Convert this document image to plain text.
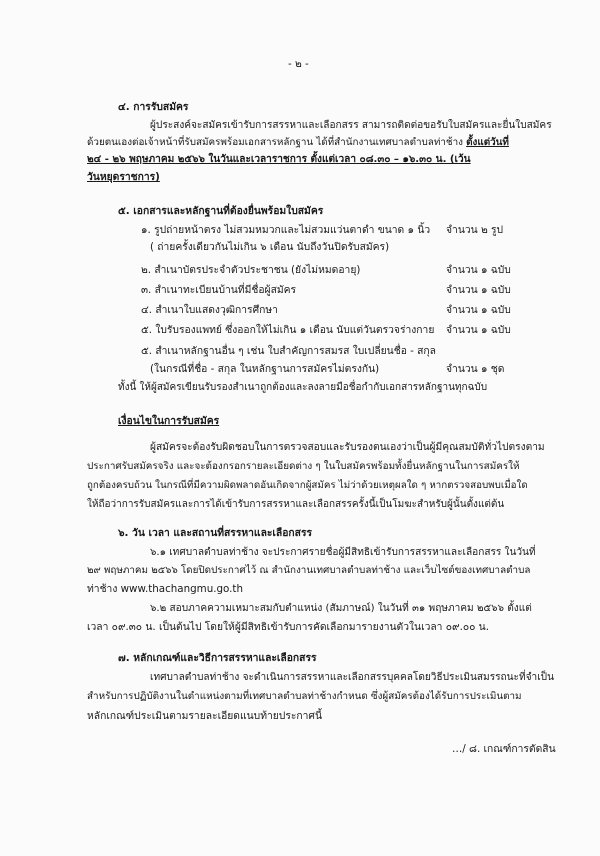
- ๒ -
๔. การรับสมัคร
ผู้ประสงค์จะสมัครเข้ารับการสรรหาและเลือกสรร สามารถติดต่อขอรับใบสมัครและยื่นใบสมัคร
ด้วยตนเองต่อเจ้าหน้าที่รับสมัครพร้อมเอกสารหลักฐาน ได้ที่สำนักงานเทศบาลตำบลท่าช้าง ตั้งแต่วันที่
๒๔ - ๒๖ พฤษภาคม ๒๕๖๖ ในวันและเวลาราชการ ตั้งแต่เวลา ๐๘.๓๐ – ๑๖.๓๐ น. (เว้น
วันหยุดราชการ)
๕. เอกสารและหลักฐานที่ต้องยื่นพร้อมใบสมัคร
๑. รูปถ่ายหน้าตรง ไม่สวมหมวกและไม่สวมแว่นตาดำ ขนาด ๑ นิ้ว จำนวน ๒ รูป
( ถ่ายครั้งเดียวกันไม่เกิน ๖ เดือน นับถึงวันปิดรับสมัคร)
๒. สำเนาบัตรประจำตัวประชาชน (ยังไม่หมดอายุ)	จำนวน ๑ ฉบับ
๓. สำเนาทะเบียนบ้านที่มีชื่อผู้สมัคร	จำนวน ๑ ฉบับ
๔. สำเนาใบแสดงวุฒิการศึกษา	จำนวน ๑ ฉบับ
๕. ใบรับรองแพทย์ ซึ่งออกให้ไม่เกิน ๑ เดือน นับแต่วันตรวจร่างกาย จำนวน ๑ ฉบับ
๕. สำเนาหลักฐานอื่น ๆ เช่น ใบสำคัญการสมรส ใบเปลี่ยนชื่อ - สกุล
(ในกรณีที่ชื่อ - สกุล ในหลักฐานการสมัครไม่ตรงกัน)	จำนวน ๑ ชุด
ทั้งนี้ ให้ผู้สมัครเขียนรับรองสำเนาถูกต้องและลงลายมือชื่อกำกับเอกสารหลักฐานทุกฉบับ
เงื่อนไขในการรับสมัคร
ผู้สมัครจะต้องรับผิดชอบในการตรวจสอบและรับรองตนเองว่าเป็นผู้มีคุณสมบัติทั่วไปตรงตาม
ประกาศรับสมัครจริง และจะต้องกรอกรายละเอียดต่าง ๆ ในใบสมัครพร้อมทั้งยื่นหลักฐานในการสมัครให้
ถูกต้องครบถ้วน ในกรณีที่มีความผิดพลาดอันเกิดจากผู้สมัคร ไม่ว่าด้วยเหตุผลใด ๆ หากตรวจสอบพบเมื่อใด
ให้ถือว่าการรับสมัครและการได้เข้ารับการสรรหาและเลือกสรรครั้งนี้เป็นโมฆะสำหรับผู้นั้นตั้งแต่ต้น
๖. วัน เวลา และสถานที่สรรหาและเลือกสรร
๖.๑ เทศบาลตำบลท่าช้าง จะประกาศรายชื่อผู้มีสิทธิเข้ารับการสรรหาและเลือกสรร ในวันที่
๒๙ พฤษภาคม ๒๕๖๖ โดยปิดประกาศไว้ ณ สำนักงานเทศบาลตำบลท่าช้าง และเว็บไซต์ของเทศบาลตำบล
ท่าช้าง www.thachangmu.go.th
๖.๒ สอบภาคความเหมาะสมกับตำแหน่ง (สัมภาษณ์) ในวันที่ ๓๑ พฤษภาคม ๒๕๖๖ ตั้งแต่
เวลา ๐๙.๓๐ น. เป็นต้นไป โดยให้ผู้มีสิทธิเข้ารับการคัดเลือกมารายงานตัวในเวลา ๐๙.๐๐ น.
๗. หลักเกณฑ์และวิธีการสรรหาและเลือกสรร
เทศบาลตำบลท่าช้าง จะดำเนินการสรรหาและเลือกสรรบุคคลโดยวิธีประเมินสมรรถนะที่จำเป็น
สำหรับการปฏิบัติงานในตำแหน่งตามที่เทศบาลตำบลท่าช้างกำหนด ซึ่งผู้สมัครต้องได้รับการประเมินตาม
หลักเกณฑ์ประเมินตามรายละเอียดแนบท้ายประกาศนี้
…/ ๘. เกณฑ์การตัดสิน
